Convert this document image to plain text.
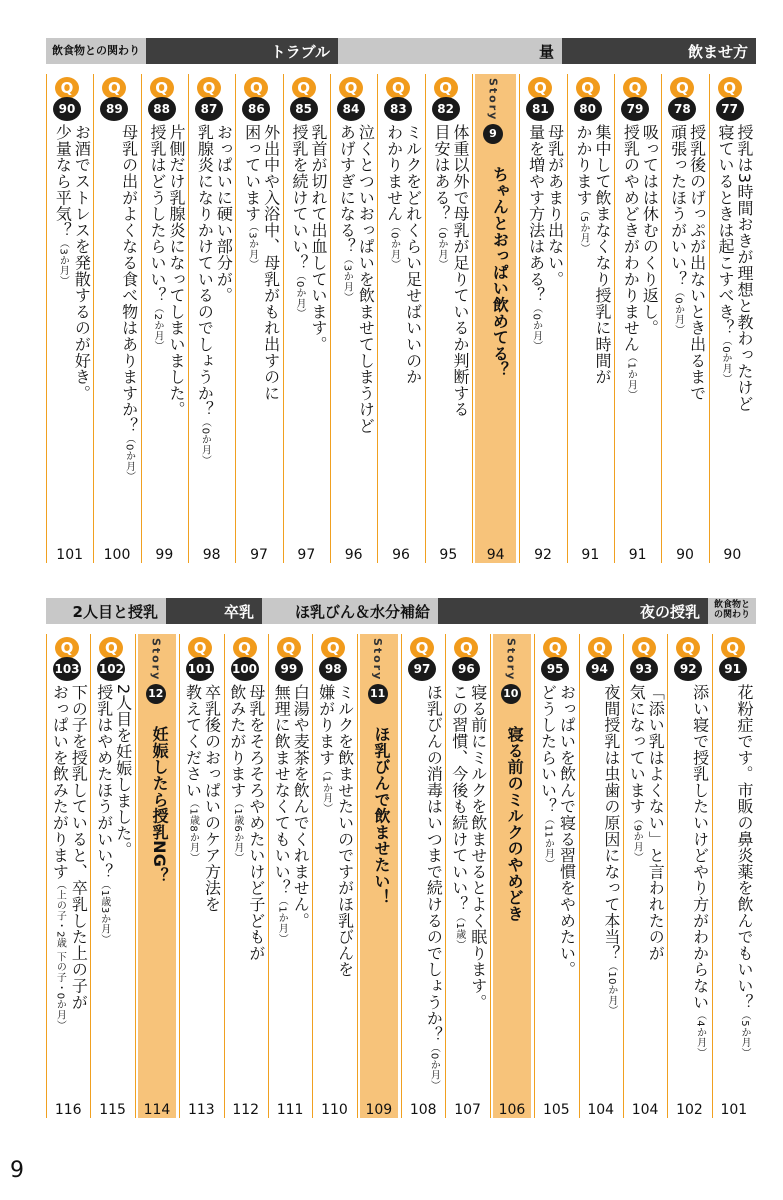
飲食物との関わり	トラブル	量	飲ませ方
Q
90
お酒でストレスを発散するのが好き。
少量なら平気？（3か月）
101
Q
89
母乳の出がよくなる食べ物はありますか？（0か月）
100
Q
88
片側だけ乳腺炎になってしまいました。
授乳はどうしたらいい？（2か月）
99
Q
87
おっぱいに硬い部分が。
乳腺炎になりかけているのでしょうか？（0か月）
98
Q
86
外出中や入浴中、母乳がもれ出すのに
困っています（3か月）
97
Q
85
乳首が切れて出血しています。
授乳を続けていい？（0か月）
97
Q
84
泣くとついおっぱいを飲ませてしまうけど
あげすぎになる？（3か月）
96
Q
83
ミルクをどれくらい足せばいいのか
わかりません（0か月）
96
Q
82
体重以外で母乳が足りているか判断する
目安はある？（0か月）
95
Story
9
ちゃんとおっぱい飲めてる？
94
Q
81
母乳があまり出ない。
量を増やす方法はある？（0か月）
92
Q
80
集中して飲まなくなり授乳に時間が
かかります（5か月）
91
Q
79
吸ってはは休むのくり返し。
授乳のやめどきがわかりません（1か月）
91
Q
78
授乳後のげっぷが出ないとき出るまで
頑張ったほうがいい？（0か月）
90
Q
77
授乳は3時間おきが理想と教わったけど
寝ているときは起こすべき？（0か月）
90
2人目と授乳	卒乳	ほ乳びん＆水分補給	夜の授乳	飲食物との関わり
Q
103
下の子を授乳していると、卒乳した上の子が
おっぱいを飲みたがります（上の子・2歳 下の子・0か月）
116
Q
102
2人目を妊娠しました。
授乳はやめたほうがいい？（1歳3か月）
115
Story
12
妊娠したら授乳NG？
114
Q
101
卒乳後のおっぱいのケア方法を
教えてください（1歳8か月）
113
Q
100
母乳をそろそろやめたいけど子どもが
飲みたがります（1歳6か月）
112
Q
99
白湯や麦茶を飲んでくれません。
無理に飲ませなくてもいい？（1か月）
111
Q
98
ミルクを飲ませたいのですがほ乳びんを
嫌がります（1か月）
110
Story
11
ほ乳びんで飲ませたい！
109
Q
97
ほ乳びんの消毒はいつまで続けるのでしょうか？（0か月）
108
Q
96
寝る前にミルクを飲ませるとよく眠ります。
この習慣、今後も続けていい？（1歳）
107
Story
10
寝る前のミルクのやめどき
106
Q
95
おっぱいを飲んで寝る習慣をやめたい。
どうしたらいい？（11か月）
105
Q
94
夜間授乳は虫歯の原因になって本当？（10か月）
104
Q
93
「添い乳はよくない」と言われたのが
気になっています（9か月）
104
Q
92
添い寝で授乳したいけどやり方がわからない（4か月）
102
Q
91
花粉症です。市販の鼻炎薬を飲んでもいい？（5か月）
101
9
